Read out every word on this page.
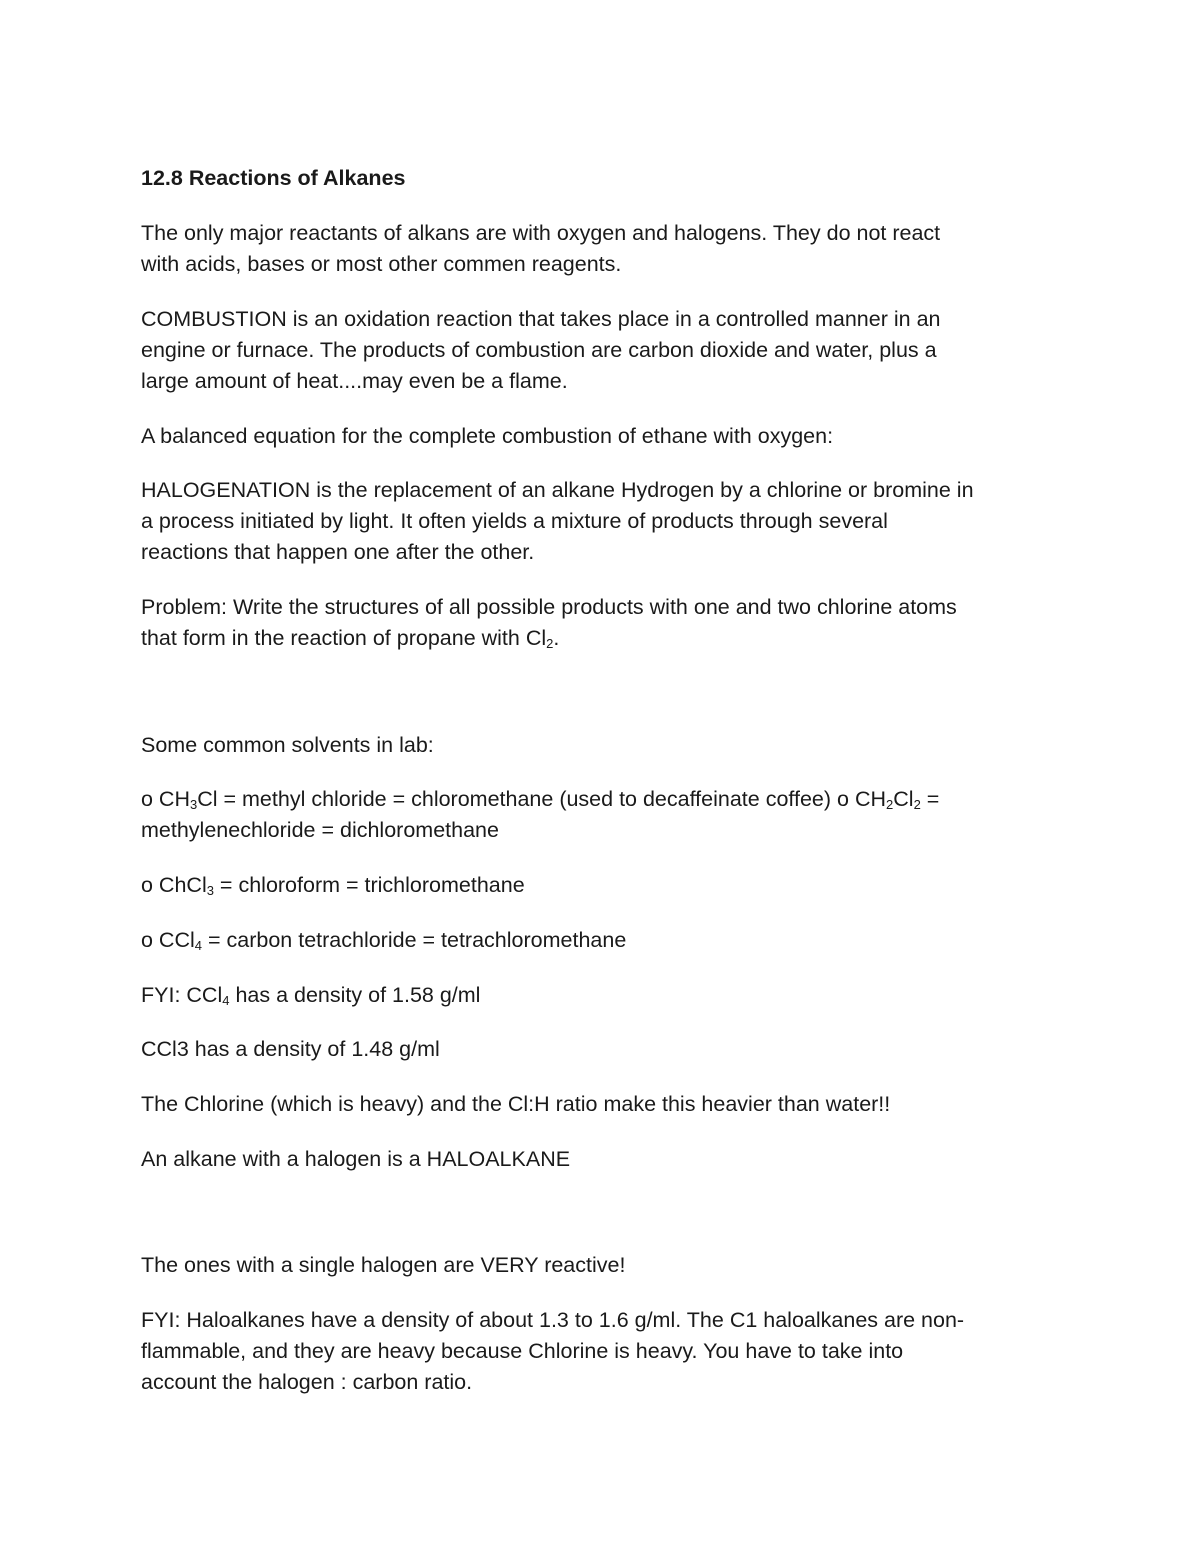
12.8 Reactions of Alkanes

The only major reactants of alkans are with oxygen and halogens. They do not react
with acids, bases or most other commen reagents.

COMBUSTION is an oxidation reaction that takes place in a controlled manner in an
engine or furnace. The products of combustion are carbon dioxide and water, plus a
large amount of heat....may even be a flame.

A balanced equation for the complete combustion of ethane with oxygen:

HALOGENATION is the replacement of an alkane Hydrogen by a chlorine or bromine in
a process initiated by light. It often yields a mixture of products through several
reactions that happen one after the other.

Problem: Write the structures of all possible products with one and two chlorine atoms
that form in the reaction of propane with $Cl_2$.

Some common solvents in lab:

o $CH_3Cl$ = methyl chloride = chloromethane (used to decaffeinate coffee) o $CH_2Cl_2$ =
methylenechloride = dichloromethane

o ChCl$_3$ = chloroform = trichloromethane

o CCl$_4$ = carbon tetrachloride = tetrachloromethane

FYI: CCl$_4$ has a density of 1.58 g/ml

CCl3 has a density of 1.48 g/ml

The Chlorine (which is heavy) and the Cl:H ratio make this heavier than water!!

An alkane with a halogen is a HALOALKANE

The ones with a single halogen are VERY reactive!

FYI: Haloalkanes have a density of about 1.3 to 1.6 g/ml. The C1 haloalkanes are non-
flammable, and they are heavy because Chlorine is heavy. You have to take into
account the halogen : carbon ratio.
